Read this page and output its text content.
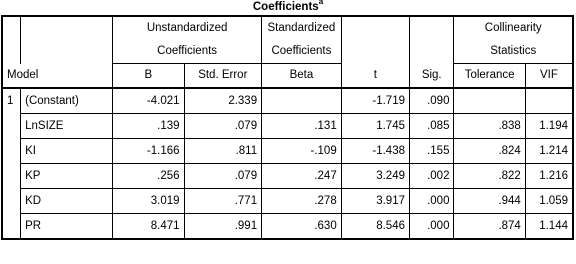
Coefficients$^a$
		Unstandardized		Standardized			Collinearity	
		Coefficients		Coefficients			Statistics	
Model		B	Std. Error	Beta	t	Sig.	Tolerance	VIF
1	(Constant)	-4.021	2.339		-1.719	.090		
	LnSIZE	.139	.079	.131	1.745	.085	.838	1.194
	KI	-1.166	.811	-.109	-1.438	.155	.824	1.214
	KP	.256	.079	.247	3.249	.002	.822	1.216
	KD	3.019	.771	.278	3.917	.000	.944	1.059
	PR	8.471	.991	.630	8.546	.000	.874	1.144
